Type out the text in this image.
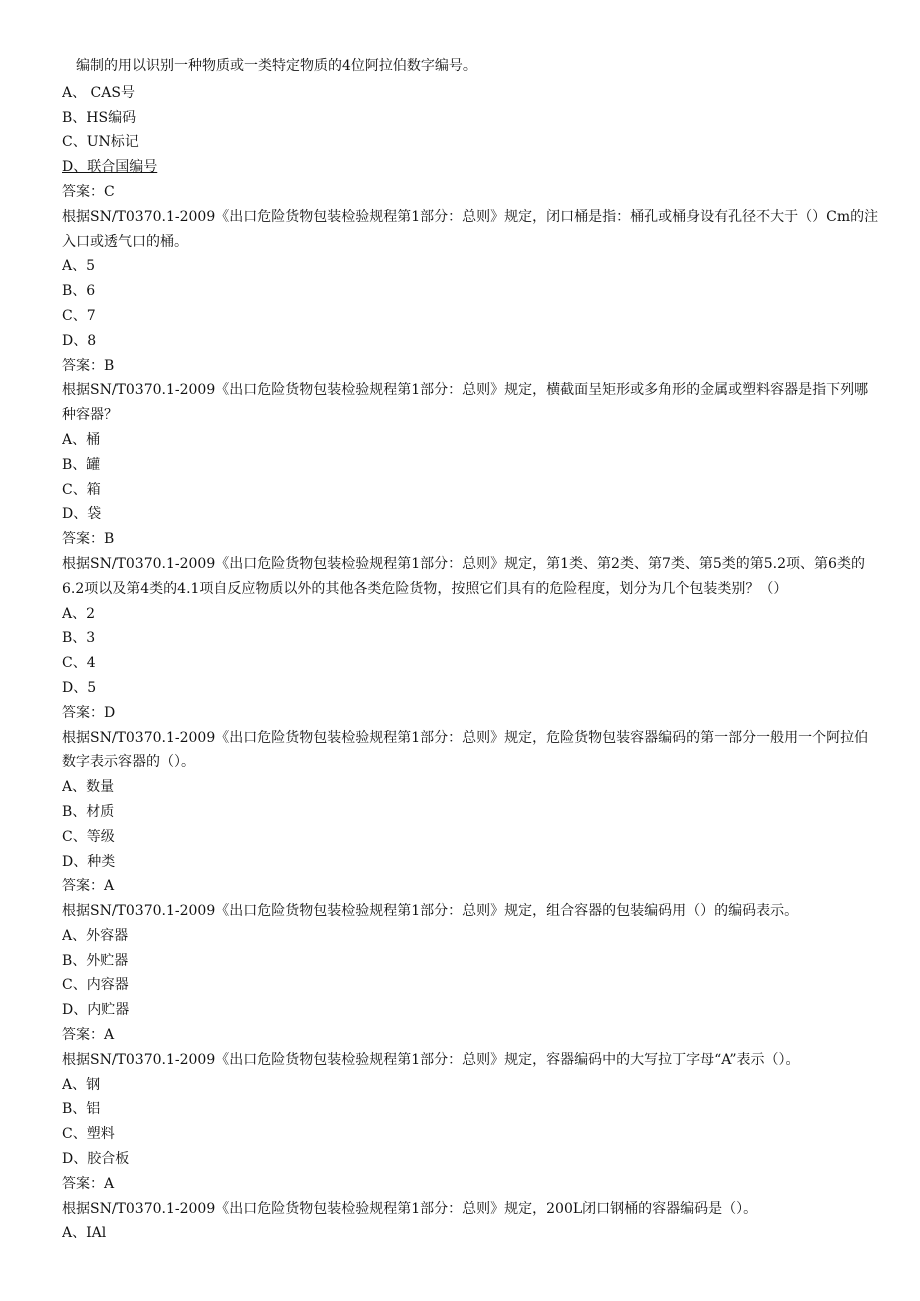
编制的用以识别一种物质或一类特定物质的4位阿拉伯数字编号。
A、 CAS号
B、HS编码
C、UN标记
D、联合国编号
答案：C
根据SN/T0370.1-2009《出口危险货物包装检验规程第1部分：总则》规定，闭口桶是指：桶孔或桶身设有孔径不大于（）Cm的注入口或透气口的桶。
A、5
B、6
C、7
D、8
答案：B
根据SN/T0370.1-2009《出口危险货物包装检验规程第1部分：总则》规定，横截面呈矩形或多角形的金属或塑料容器是指下列哪种容器？
A、桶
B、罐
C、箱
D、袋
答案：B
根据SN/T0370.1-2009《出口危险货物包装检验规程第1部分：总则》规定，第1类、第2类、第7类、第5类的第5.2项、第6类的6.2项以及第4类的4.1项自反应物质以外的其他各类危险货物，按照它们具有的危险程度，划分为几个包装类别？（）
A、2
B、3
C、4
D、5
答案：D
根据SN/T0370.1-2009《出口危险货物包装检验规程第1部分：总则》规定，危险货物包装容器编码的第一部分一般用一个阿拉伯数字表示容器的（）。
A、数量
B、材质
C、等级
D、种类
答案：A
根据SN/T0370.1-2009《出口危险货物包装检验规程第1部分：总则》规定，组合容器的包装编码用（）的编码表示。
A、外容器
B、外贮器
C、内容器
D、内贮器
答案：A
根据SN/T0370.1-2009《出口危险货物包装检验规程第1部分：总则》规定，容器编码中的大写拉丁字母“A”表示（）。
A、钢
B、铝
C、塑料
D、胶合板
答案：A
根据SN/T0370.1-2009《出口危险货物包装检验规程第1部分：总则》规定，200L闭口钢桶的容器编码是（）。
A、IAl
